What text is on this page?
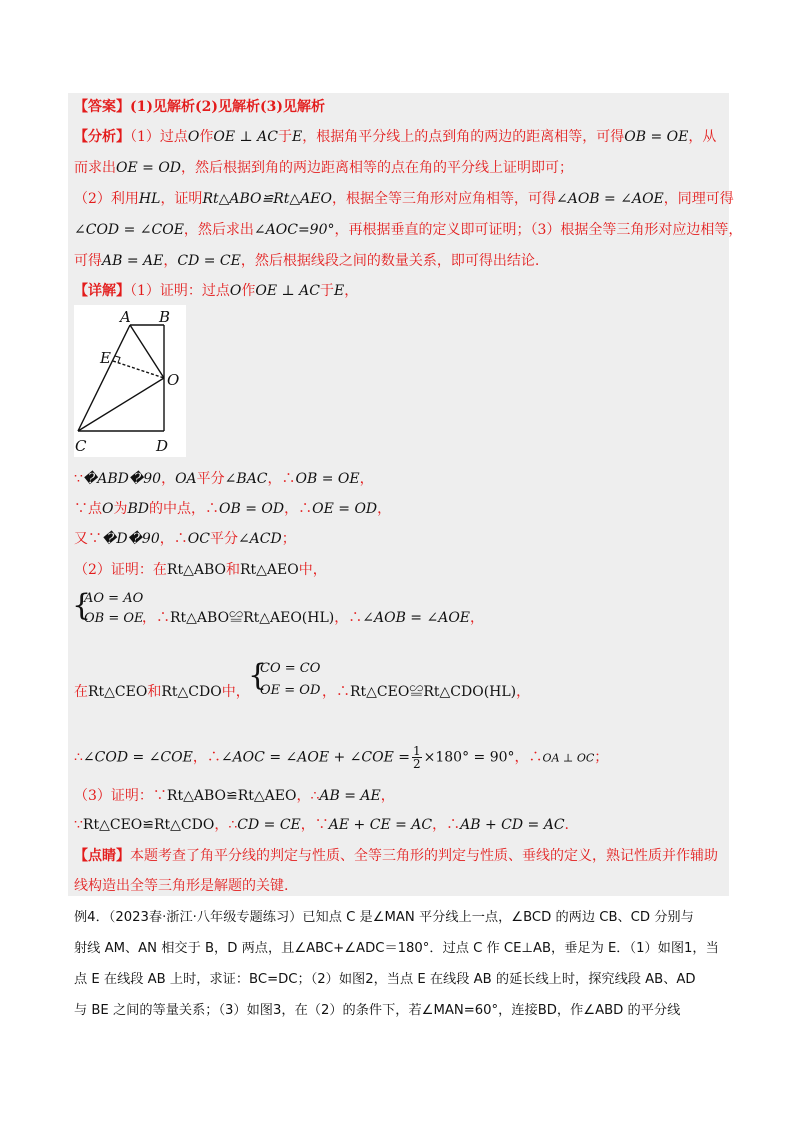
【答案】(1)见解析(2)见解析(3)见解析
【分析】（1）过点O作OE ⊥ AC于E，根据角平分线上的点到角的两边的距离相等，可得OB = OE，从
而求出OE = OD，然后根据到角的两边距离相等的点在角的平分线上证明即可；
（2）利用HL，证明Rt△ABO≌Rt△AEO，根据全等三角形对应角相等，可得∠AOB = ∠AOE，同理可得
∠COD = ∠COE，然后求出∠AOC=90°，再根据垂直的定义即可证明；（3）根据全等三角形对应边相等，
可得AB = AE，CD = CE，然后根据线段之间的数量关系，即可得出结论.
【详解】（1）证明：过点O作OE ⊥ AC于E，
A B
E
O
C	D
∵�ABD�90，OA平分∠BAC，∴OB = OE，
∵点O为BD的中点，∴OB = OD，∴OE = OD，
又∵�D�90，∴OC平分∠ACD；
（2）证明：在Rt△ABO和Rt△AEO中，
{
AO = AO
OB = OE
，∴Rt△ABO≌Rt△AEO(HL)，∴∠AOB = ∠AOE，
在Rt△CEO和Rt△CDO中，
{
CO = CO
OE = OD ，∴Rt△CEO≌Rt△CDO(HL)，
∴∠COD = ∠COE，∴∠AOC = ∠AOE + ∠COE = $\frac{1}{2} \times 180^\circ = 90^\circ$，∴OA ⊥ OC；
（3）证明：∵Rt△ABO≌Rt△AEO，∴AB = AE，
∵Rt△CEO≌Rt△CDO，∴CD = CE，∵AE + CE = AC，∴AB + CD = AC.
【点睛】本题考查了角平分线的判定与性质、全等三角形的判定与性质、垂线的定义，熟记性质并作辅助
线构造出全等三角形是解题的关键.
例4．（2023春·浙江·八年级专题练习）已知点 C 是∠MAN 平分线上一点，∠BCD 的两边 CB、CD 分别与
射线 AM、AN 相交于 B，D 两点，且∠ABC+∠ADC＝180°．过点 C 作 CE⊥AB，垂足为 E．（1）如图1，当
点 E 在线段 AB 上时，求证：BC=DC；（2）如图2，当点 E 在线段 AB 的延长线上时，探究线段 AB、AD
与 BE 之间的等量关系；（3）如图3，在（2）的条件下，若∠MAN=60°，连接BD，作∠ABD 的平分线
